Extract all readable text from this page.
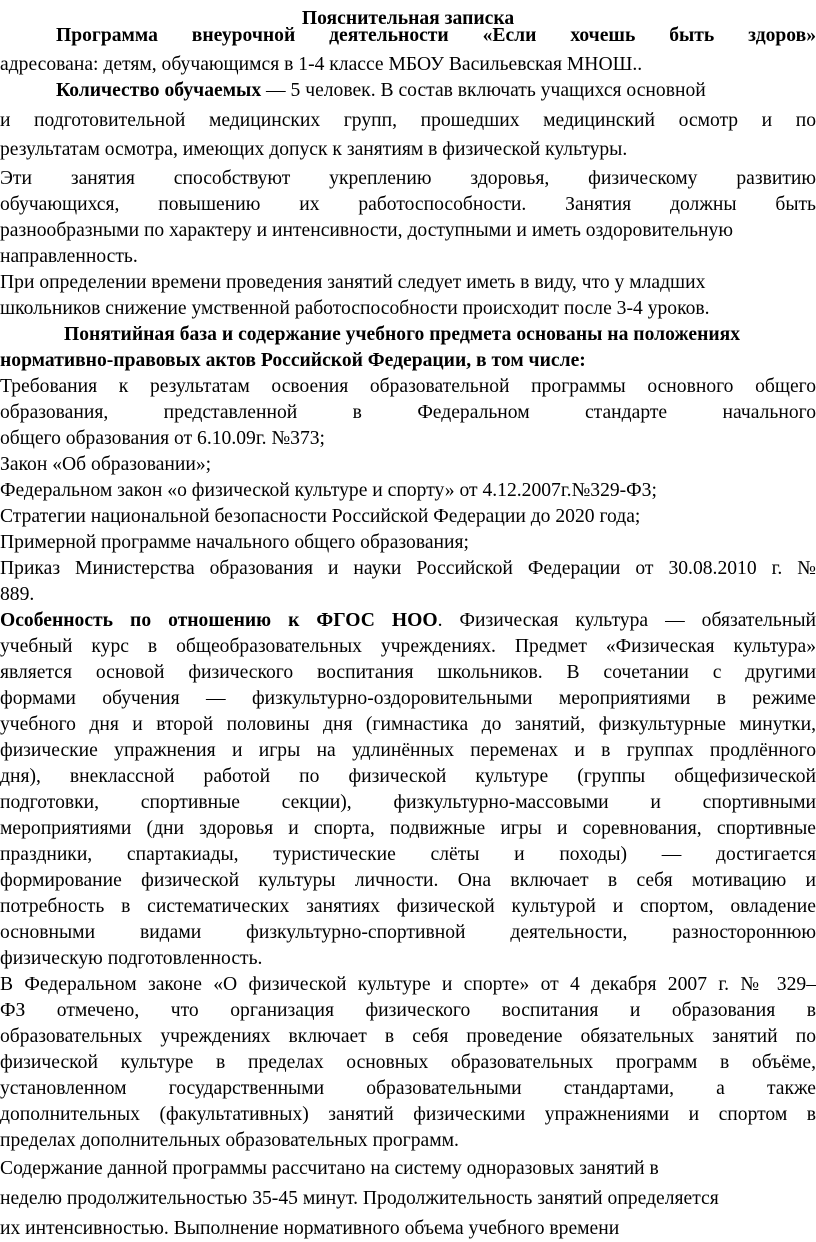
Пояснительная записка
Программа внеурочной деятельности «Если хочешь быть здоров»
адресована: детям, обучающимся в 1-4 классе МБОУ Васильевская МНОШ..
Количество обучаемых — 5 человек. В состав включать учащихся основной
и подготовительной медицинских групп, прошедших медицинский осмотр и по
результатам осмотра, имеющих допуск к занятиям в физической культуры.
Эти занятия способствуют укреплению здоровья, физическому развитию
обучающихся, повышению их работоспособности. Занятия должны быть
разнообразными по характеру и интенсивности, доступными и иметь оздоровительную
направленность.
При определении времени проведения занятий следует иметь в виду, что у младших
школьников снижение умственной работоспособности происходит после 3-4 уроков.
Понятийная база и содержание учебного предмета основаны на положениях
нормативно-правовых актов Российской Федерации, в том числе:
Требования к результатам освоения образовательной программы основного общего
образования, представленной в Федеральном стандарте начального
общего образования от 6.10.09г. №373;
Закон «Об образовании»;
Федеральном закон «о физической культуре и спорту» от 4.12.2007г.№329-Ф3;
Стратегии национальной безопасности Российской Федерации до 2020 года;
Примерной программе начального общего образования;
Приказ Министерства образования и науки Российской Федерации от 30.08.2010 г. №
889.
Особенность по отношению к ФГОС НОО. Физическая культура — обязательный
учебный курс в общеобразовательных учреждениях. Предмет «Физическая культура»
является основой физического воспитания школьников. В сочетании с другими
формами обучения — физкультурно-оздоровительными мероприятиями в режиме
учебного дня и второй половины дня (гимнастика до занятий, физкультурные минутки,
физические упражнения и игры на удлинённых переменах и в группах продлённого
дня), внеклассной работой по физической культуре (группы общефизической
подготовки, спортивные секции), физкультурно-массовыми и спортивными
мероприятиями (дни здоровья и спорта, подвижные игры и соревнования, спортивные
праздники, спартакиады, туристические слёты и походы) — достигается
формирование физической культуры личности. Она включает в себя мотивацию и
потребность в систематических занятиях физической культурой и спортом, овладение
основными видами физкультурно-спортивной деятельности, разностороннюю
физическую подготовленность.
В Федеральном законе «О физической культуре и спорте» от 4 декабря 2007 г. № 329–
ФЗ отмечено, что организация физического воспитания и образования в
образовательных учреждениях включает в себя проведение обязательных занятий по
физической культуре в пределах основных образовательных программ в объёме,
установленном государственными образовательными стандартами, а также
дополнительных (факультативных) занятий физическими упражнениями и спортом в
пределах дополнительных образовательных программ.
Содержание данной программы рассчитано на систему одноразовых занятий в
неделю продолжительностью 35-45 минут. Продолжительность занятий определяется
их интенсивностью. Выполнение нормативного объема учебного времени
